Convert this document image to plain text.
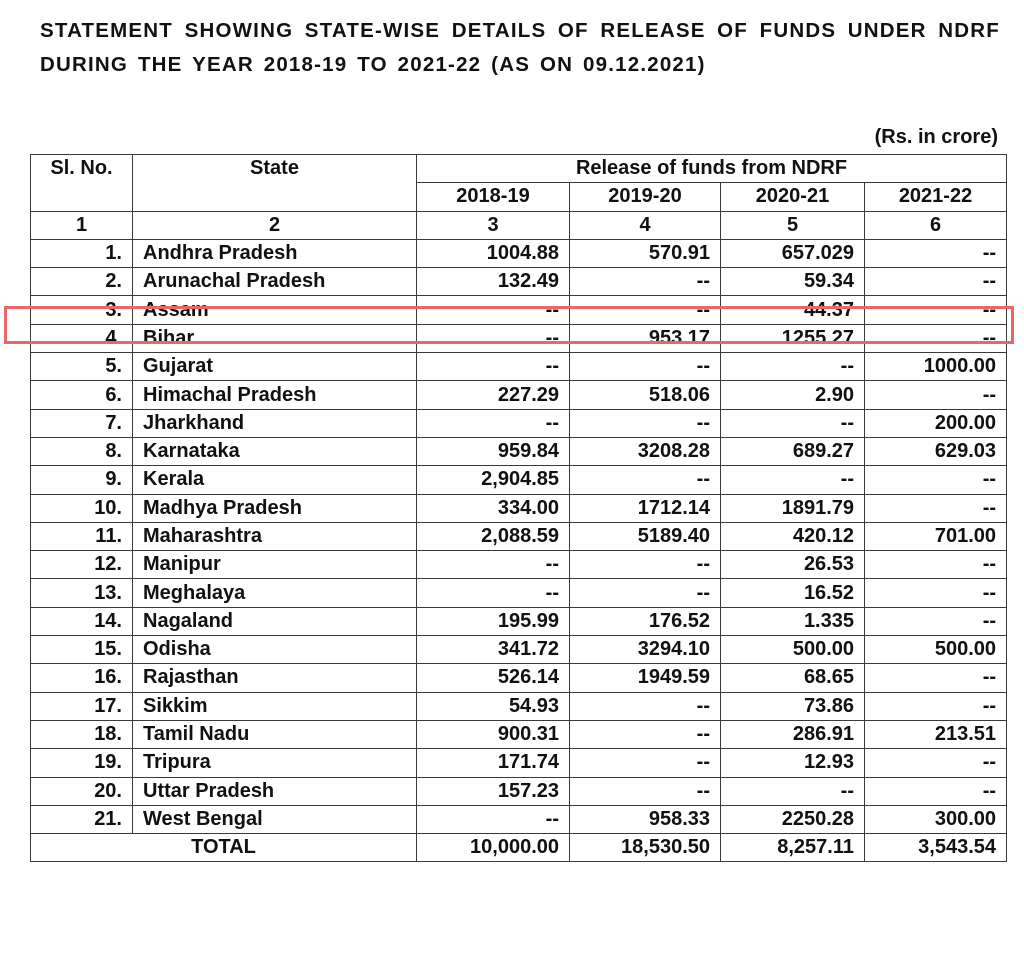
STATEMENT SHOWING STATE-WISE DETAILS OF RELEASE OF FUNDS UNDER NDRF DURING THE YEAR 2018-19 TO 2021-22 (AS ON 09.12.2021)
(Rs. in crore)
Sl. No.	State	Release of funds from NDRF			
		2018-19	2019-20	2020-21	2021-22
1	2	3	4	5	6
1.	Andhra Pradesh	1004.88	570.91	657.029	--
2.	Arunachal Pradesh	132.49	--	59.34	--
3.	Assam	--	--	44.37	--
4.	Bihar	--	953.17	1255.27	--
5.	Gujarat	--	--	--	1000.00
6.	Himachal Pradesh	227.29	518.06	2.90	--
7.	Jharkhand	--	--	--	200.00
8.	Karnataka	959.84	3208.28	689.27	629.03
9.	Kerala	2,904.85	--	--	--
10.	Madhya Pradesh	334.00	1712.14	1891.79	--
11.	Maharashtra	2,088.59	5189.40	420.12	701.00
12.	Manipur	--	--	26.53	--
13.	Meghalaya	--	--	16.52	--
14.	Nagaland	195.99	176.52	1.335	--
15.	Odisha	341.72	3294.10	500.00	500.00
16.	Rajasthan	526.14	1949.59	68.65	--
17.	Sikkim	54.93	--	73.86	--
18.	Tamil Nadu	900.31	--	286.91	213.51
19.	Tripura	171.74	--	12.93	--
20.	Uttar Pradesh	157.23	--	--	--
21.	West Bengal	--	958.33	2250.28	300.00
TOTAL		10,000.00	18,530.50	8,257.11	3,543.54
